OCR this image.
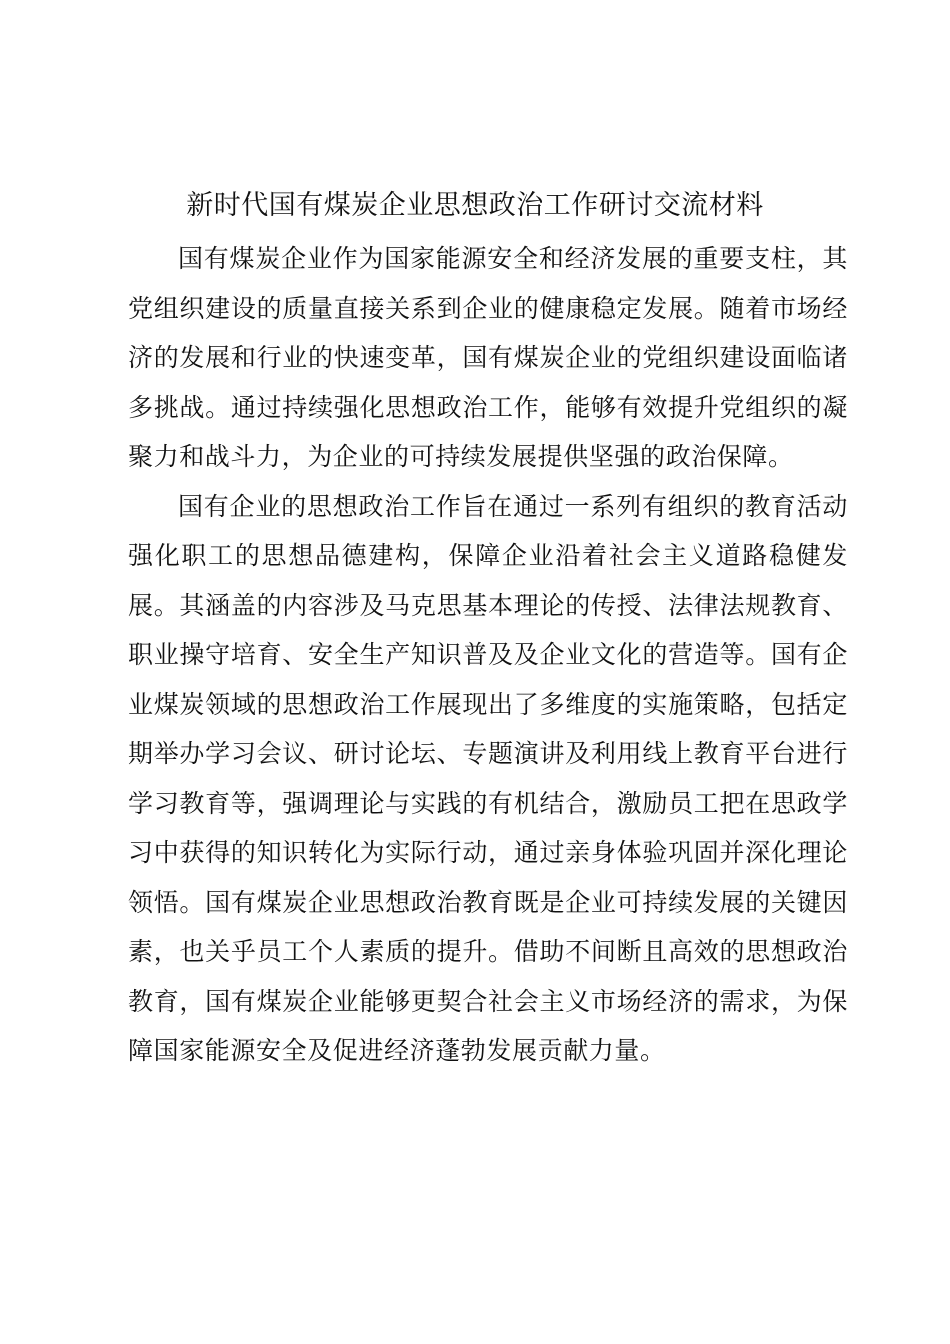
新时代国有煤炭企业思想政治工作研讨交流材料

国有煤炭企业作为国家能源安全和经济发展的重要支柱，其党组织建设的质量直接关系到企业的健康稳定发展。随着市场经济的发展和行业的快速变革，国有煤炭企业的党组织建设面临诸多挑战。通过持续强化思想政治工作，能够有效提升党组织的凝聚力和战斗力，为企业的可持续发展提供坚强的政治保障。

国有企业的思想政治工作旨在通过一系列有组织的教育活动强化职工的思想品德建构，保障企业沿着社会主义道路稳健发展。其涵盖的内容涉及马克思基本理论的传授、法律法规教育、职业操守培育、安全生产知识普及及企业文化的营造等。国有企业煤炭领域的思想政治工作展现出了多维度的实施策略，包括定期举办学习会议、研讨论坛、专题演讲及利用线上教育平台进行学习教育等，强调理论与实践的有机结合，激励员工把在思政学习中获得的知识转化为实际行动，通过亲身体验巩固并深化理论领悟。国有煤炭企业思想政治教育既是企业可持续发展的关键因素，也关乎员工个人素质的提升。借助不间断且高效的思想政治教育，国有煤炭企业能够更契合社会主义市场经济的需求，为保障国家能源安全及促进经济蓬勃发展贡献力量。
